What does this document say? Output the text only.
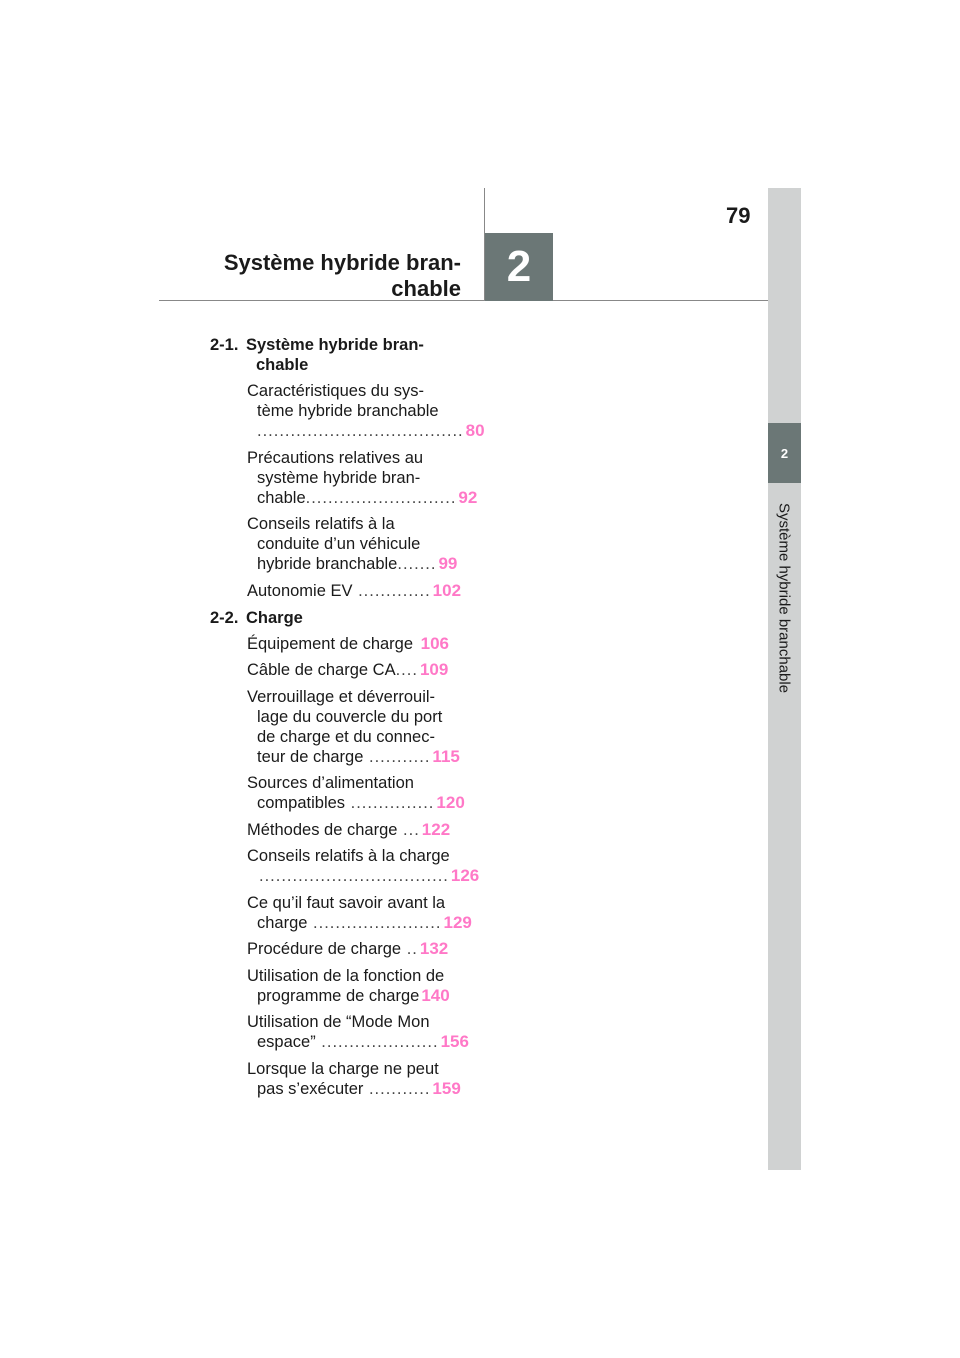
79
2
Système hybride bran-
chable
2
Système hybride branchable
2-1. Système hybride bran-
chable
Caractéristiques du sys-
tème hybride branchable
..................................... 80
Précautions relatives au
système hybride bran-
chable........................... 92
Conseils relatifs à la
conduite d’un véhicule
hybride branchable....... 99
Autonomie EV ............. 102
2-2. Charge
Équipement de charge 106
Câble de charge CA.... 109
Verrouillage et déverrouil-
lage du couvercle du port
de charge et du connec-
teur de charge ........... 115
Sources d’alimentation
compatibles ............... 120
Méthodes de charge ... 122
Conseils relatifs à la charge
.................................. 126
Ce qu’il faut savoir avant la
charge ....................... 129
Procédure de charge .. 132
Utilisation de la fonction de
programme de charge 140
Utilisation de “Mode Mon
espace” ..................... 156
Lorsque la charge ne peut
pas s’exécuter ........... 159
